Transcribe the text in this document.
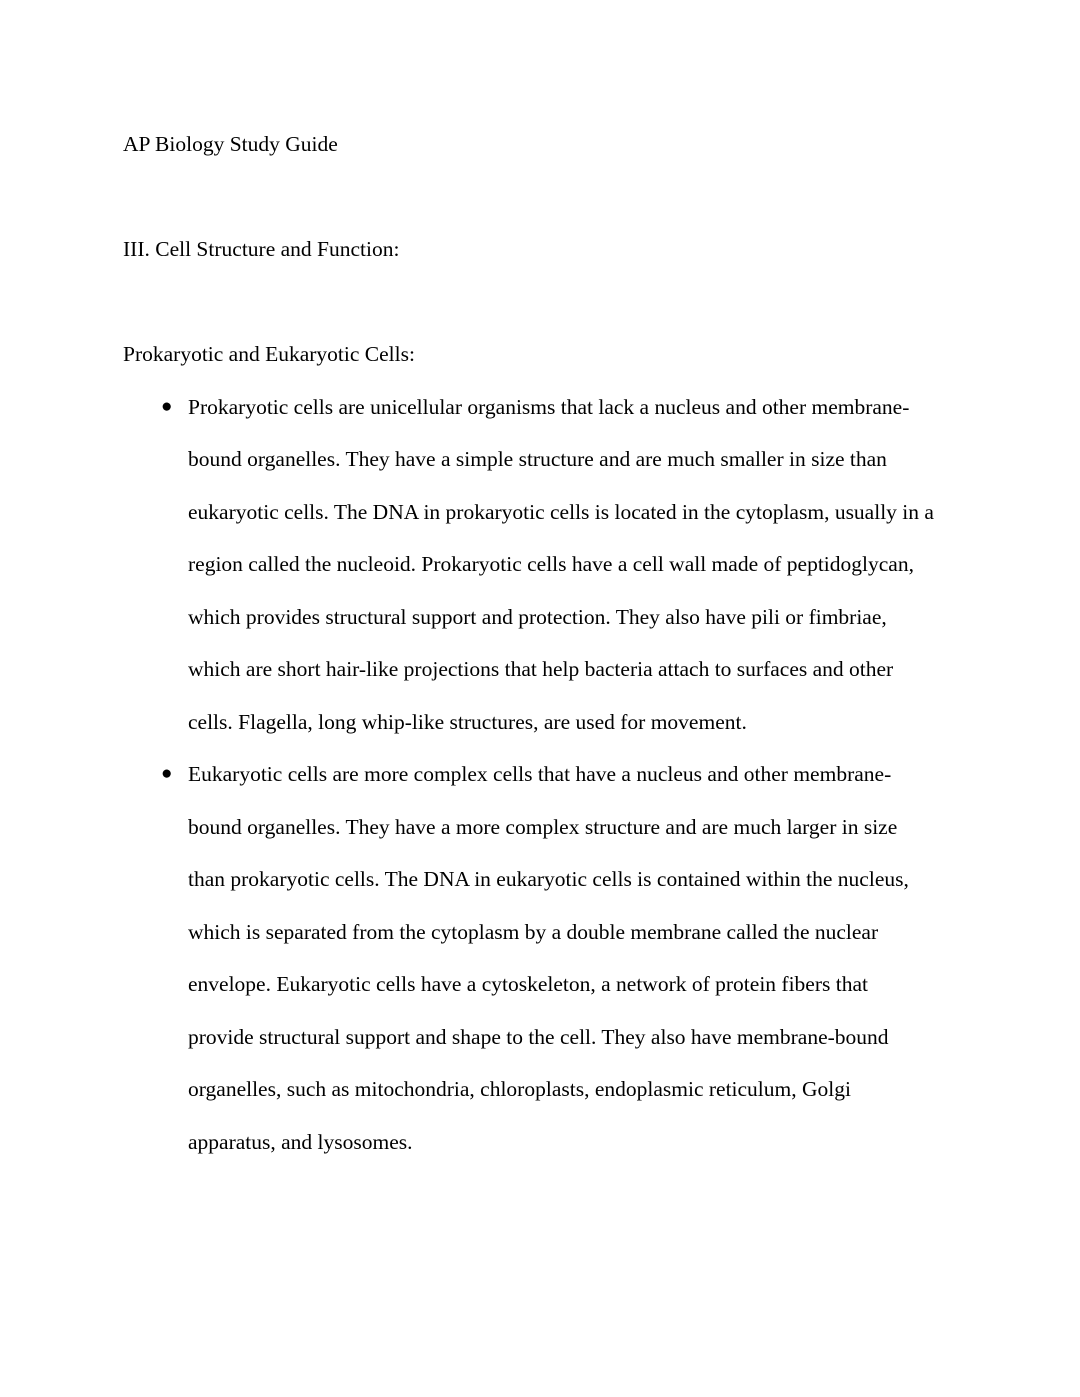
AP Biology Study Guide

III. Cell Structure and Function:

Prokaryotic and Eukaryotic Cells:

● Prokaryotic cells are unicellular organisms that lack a nucleus and other membrane-bound organelles. They have a simple structure and are much smaller in size than eukaryotic cells. The DNA in prokaryotic cells is located in the cytoplasm, usually in a region called the nucleoid. Prokaryotic cells have a cell wall made of peptidoglycan, which provides structural support and protection. They also have pili or fimbriae, which are short hair-like projections that help bacteria attach to surfaces and other cells. Flagella, long whip-like structures, are used for movement.
● Eukaryotic cells are more complex cells that have a nucleus and other membrane-bound organelles. They have a more complex structure and are much larger in size than prokaryotic cells. The DNA in eukaryotic cells is contained within the nucleus, which is separated from the cytoplasm by a double membrane called the nuclear envelope. Eukaryotic cells have a cytoskeleton, a network of protein fibers that provide structural support and shape to the cell. They also have membrane-bound organelles, such as mitochondria, chloroplasts, endoplasmic reticulum, Golgi apparatus, and lysosomes.
